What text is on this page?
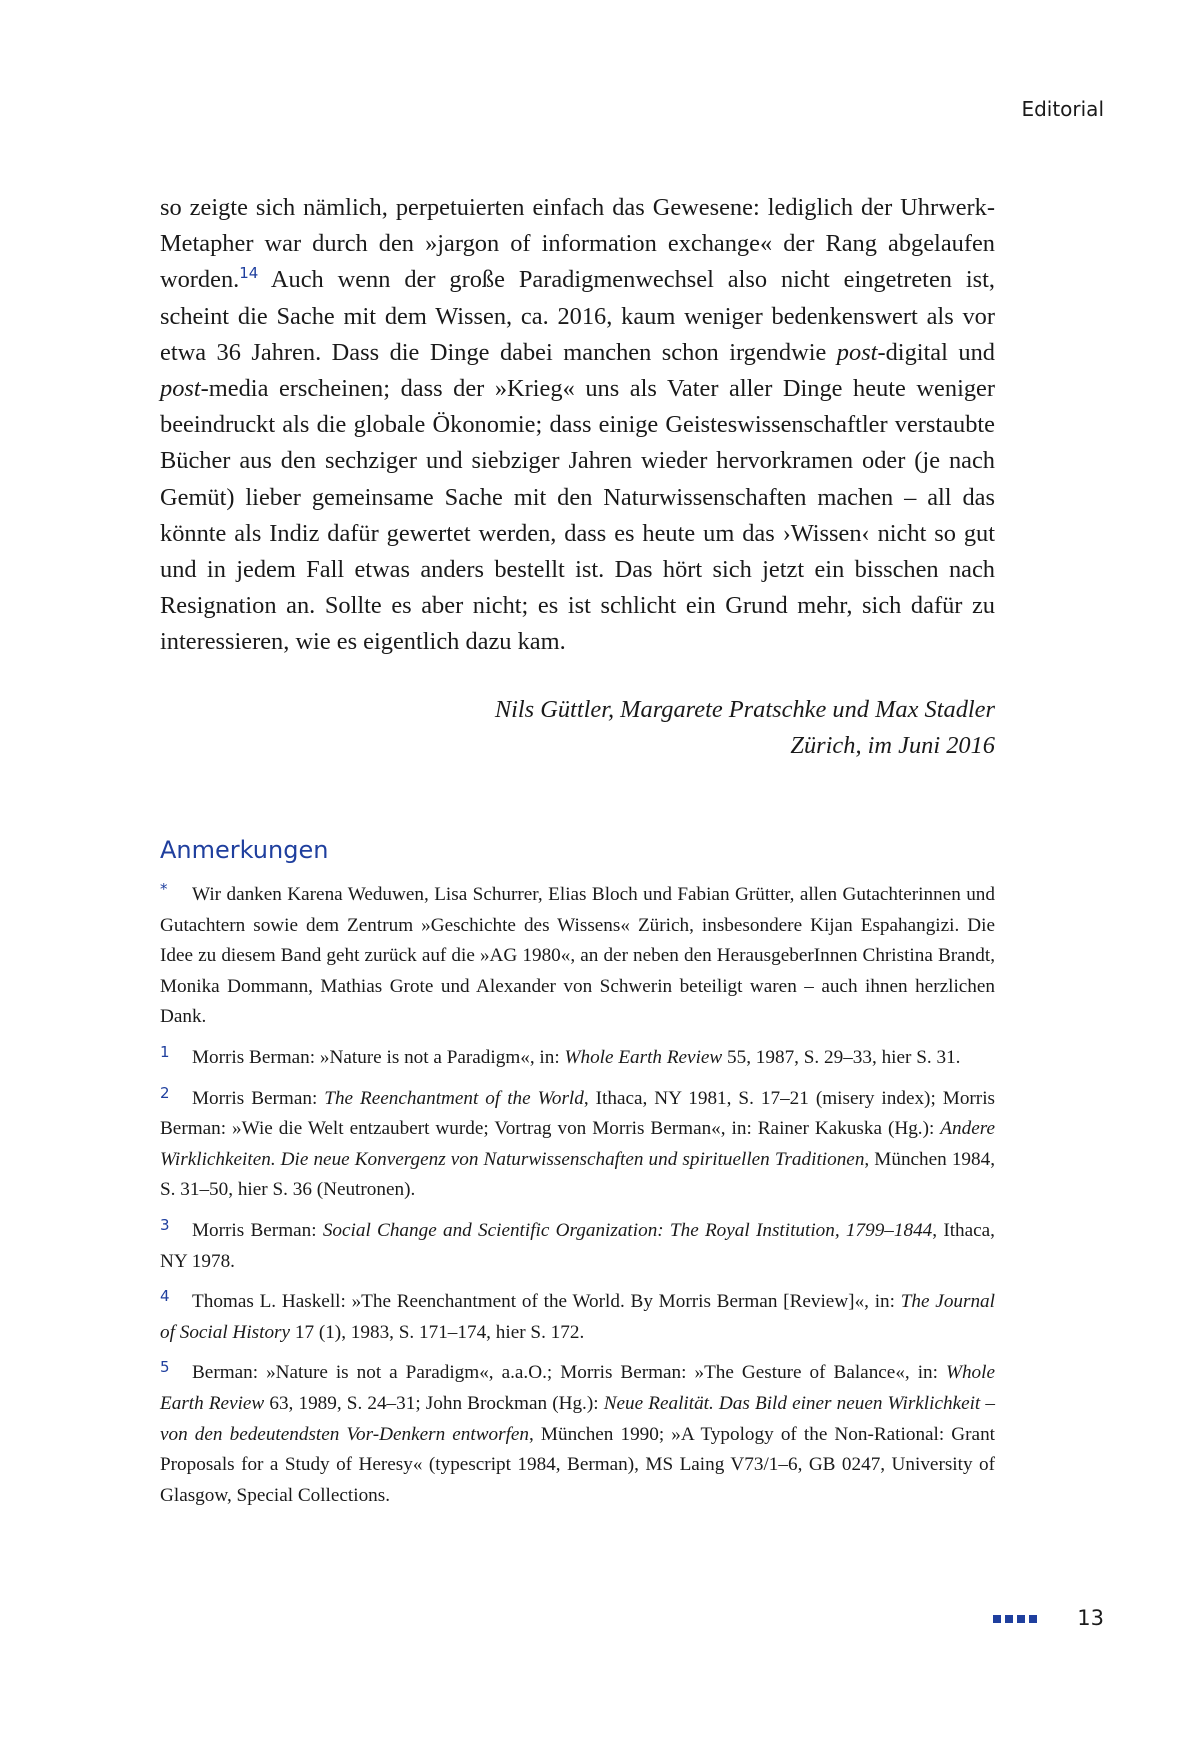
Editorial

so zeigte sich nämlich, perpetuierten einfach das Gewesene: lediglich der Uhrwerk-Metapher war durch den »jargon of information exchange« der Rang abgelaufen worden.$^{14}$ Auch wenn der große Paradigmenwechsel also nicht eingetreten ist, scheint die Sache mit dem Wissen, ca. 2016, kaum weniger bedenkenswert als vor etwa 36 Jahren. Dass die Dinge dabei manchen schon irgendwie post-digital und post-media erscheinen; dass der »Krieg« uns als Vater aller Dinge heute weniger beeindruckt als die globale Ökonomie; dass einige Geisteswissenschaftler verstaubte Bücher aus den sechziger und siebziger Jahren wieder hervorkramen oder (je nach Gemüt) lieber gemeinsame Sache mit den Naturwissenschaften machen – all das könnte als Indiz dafür gewertet werden, dass es heute um das ›Wissen‹ nicht so gut und in jedem Fall etwas anders bestellt ist. Das hört sich jetzt ein bisschen nach Resignation an. Sollte es aber nicht; es ist schlicht ein Grund mehr, sich dafür zu interessieren, wie es eigentlich dazu kam.

Nils Güttler, Margarete Pratschke und Max Stadler
Zürich, im Juni 2016
Anmerkungen

* Wir danken Karena Weduwen, Lisa Schurrer, Elias Bloch und Fabian Grütter, allen Gutachterinnen und Gutachtern sowie dem Zentrum »Geschichte des Wissens« Zürich, insbesondere Kijan Espahangizi. Die Idee zu diesem Band geht zurück auf die »AG 1980«, an der neben den HerausgeberInnen Christina Brandt, Monika Dommann, Mathias Grote und Alexander von Schwerin beteiligt waren – auch ihnen herzlichen Dank.

1 Morris Berman: »Nature is not a Paradigm«, in: Whole Earth Review 55, 1987, S. 29–33, hier S. 31.

2 Morris Berman: The Reenchantment of the World, Ithaca, NY 1981, S. 17–21 (misery index); Morris Berman: »Wie die Welt entzaubert wurde; Vortrag von Morris Berman«, in: Rainer Kakuska (Hg.): Andere Wirklichkeiten. Die neue Konvergenz von Naturwissenschaften und spirituellen Traditionen, München 1984, S. 31–50, hier S. 36 (Neutronen).

3 Morris Berman: Social Change and Scientific Organization: The Royal Institution, 1799–1844, Ithaca, NY 1978.

4 Thomas L. Haskell: »The Reenchantment of the World. By Morris Berman [Review]«, in: The Journal of Social History 17 (1), 1983, S. 171–174, hier S. 172.

5 Berman: »Nature is not a Paradigm«, a.a.O.; Morris Berman: »The Gesture of Balance«, in: Whole Earth Review 63, 1989, S. 24–31; John Brockman (Hg.): Neue Realität. Das Bild einer neuen Wirklichkeit – von den bedeutendsten Vor-Denkern entworfen, München 1990; »A Typology of the Non-Rational: Grant Proposals for a Study of Heresy« (typescript 1984, Berman), MS Laing V73/1–6, GB 0247, University of Glasgow, Special Collections.

13
